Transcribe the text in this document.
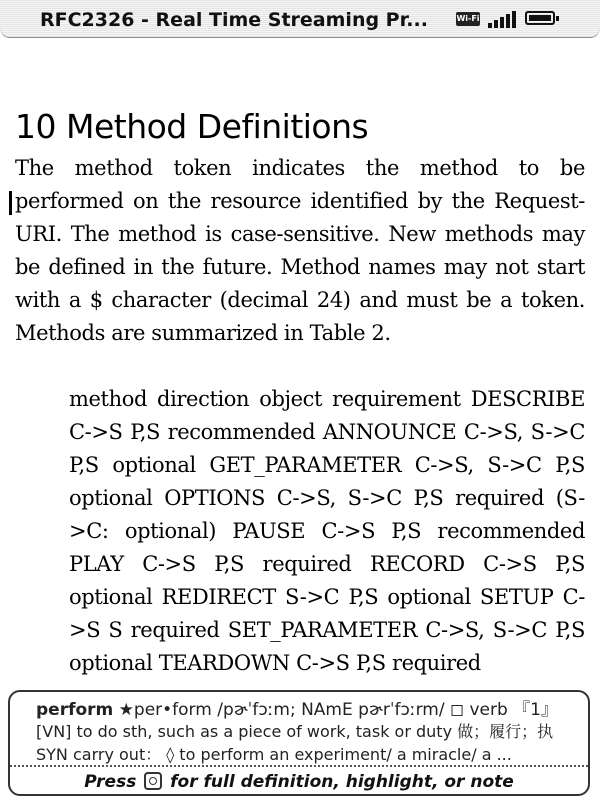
RFC2326 - Real Time Streaming Pr...	Wi-Fi
10 Method Definitions

The method token indicates the method to be performed on the resource identified by the Request-URI. The method is case-sensitive. New methods may be defined in the future. Method names may not start with a $ character (decimal 24) and must be a token. Methods are summarized in Table 2.

method direction object requirement DESCRIBE C->S P,S recommended ANNOUNCE C->S, S->C P,S optional GET_PARAMETER C->S, S->C P,S optional OPTIONS C->S, S->C P,S required (S->C: optional) PAUSE C->S P,S recommended PLAY C->S P,S required RECORD C->S P,S optional REDIRECT S->C P,S optional SETUP C->S S required SET_PARAMETER C->S, S->C P,S optional TEARDOWN C->S P,S required

perform ★per•form /pɚˈfɔːm; NAmE pɚrˈfɔːrm/ ◻ verb 『1』
[VN] to do sth, such as a piece of work, task or duty 做；履行；执
SYN carry out： ◊ to perform an experiment/ a miracle/ a ...
Press for full definition, highlight, or note
